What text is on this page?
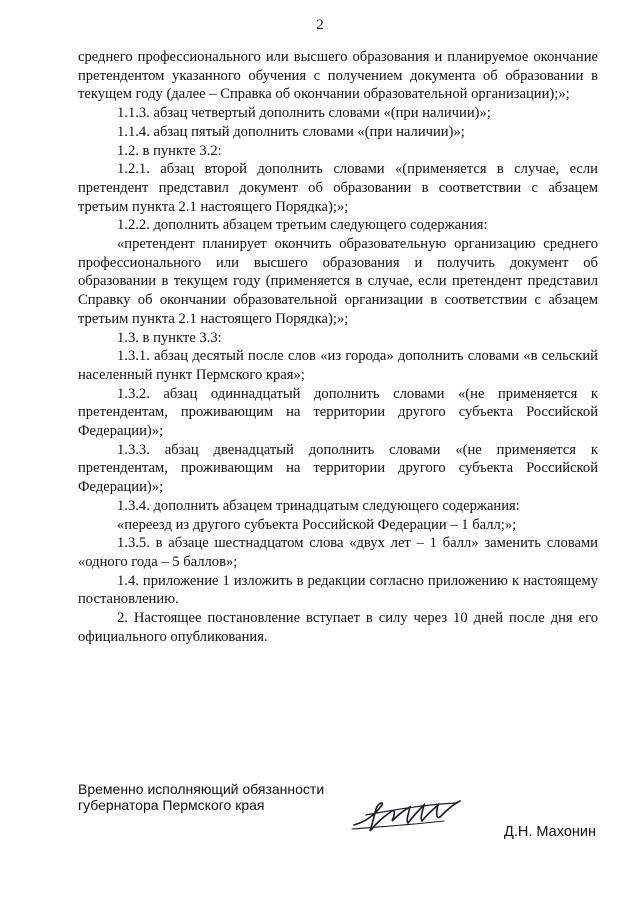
2

среднего профессионального или высшего образования и планируемое окончание претендентом указанного обучения с получением документа об образовании в текущем году (далее – Справка об окончании образовательной организации);»;

1.1.3. абзац четвертый дополнить словами «(при наличии)»;

1.1.4. абзац пятый дополнить словами «(при наличии)»;

1.2. в пункте 3.2:

1.2.1. абзац второй дополнить словами «(применяется в случае, если претендент представил документ об образовании в соответствии с абзацем третьим пункта 2.1 настоящего Порядка);»;

1.2.2. дополнить абзацем третьим следующего содержания:

«претендент планирует окончить образовательную организацию среднего профессионального или высшего образования и получить документ об образовании в текущем году (применяется в случае, если претендент представил Справку об окончании образовательной организации в соответствии с абзацем третьим пункта 2.1 настоящего Порядка);»;

1.3. в пункте 3.3:

1.3.1. абзац десятый после слов «из города» дополнить словами «в сельский населенный пункт Пермского края»;

1.3.2. абзац одиннадцатый дополнить словами «(не применяется к претендентам, проживающим на территории другого субъекта Российской Федерации)»;

1.3.3. абзац двенадцатый дополнить словами «(не применяется к претендентам, проживающим на территории другого субъекта Российской Федерации)»;

1.3.4. дополнить абзацем тринадцатым следующего содержания:

«переезд из другого субъекта Российской Федерации – 1 балл;»;

1.3.5. в абзаце шестнадцатом слова «двух лет – 1 балл» заменить словами «одного года – 5 баллов»;

1.4. приложение 1 изложить в редакции согласно приложению к настоящему постановлению.

2. Настоящее постановление вступает в силу через 10 дней после дня его официального опубликования.

Временно исполняющий обязанности
губернатора Пермского края
Д.Н. Махонин
